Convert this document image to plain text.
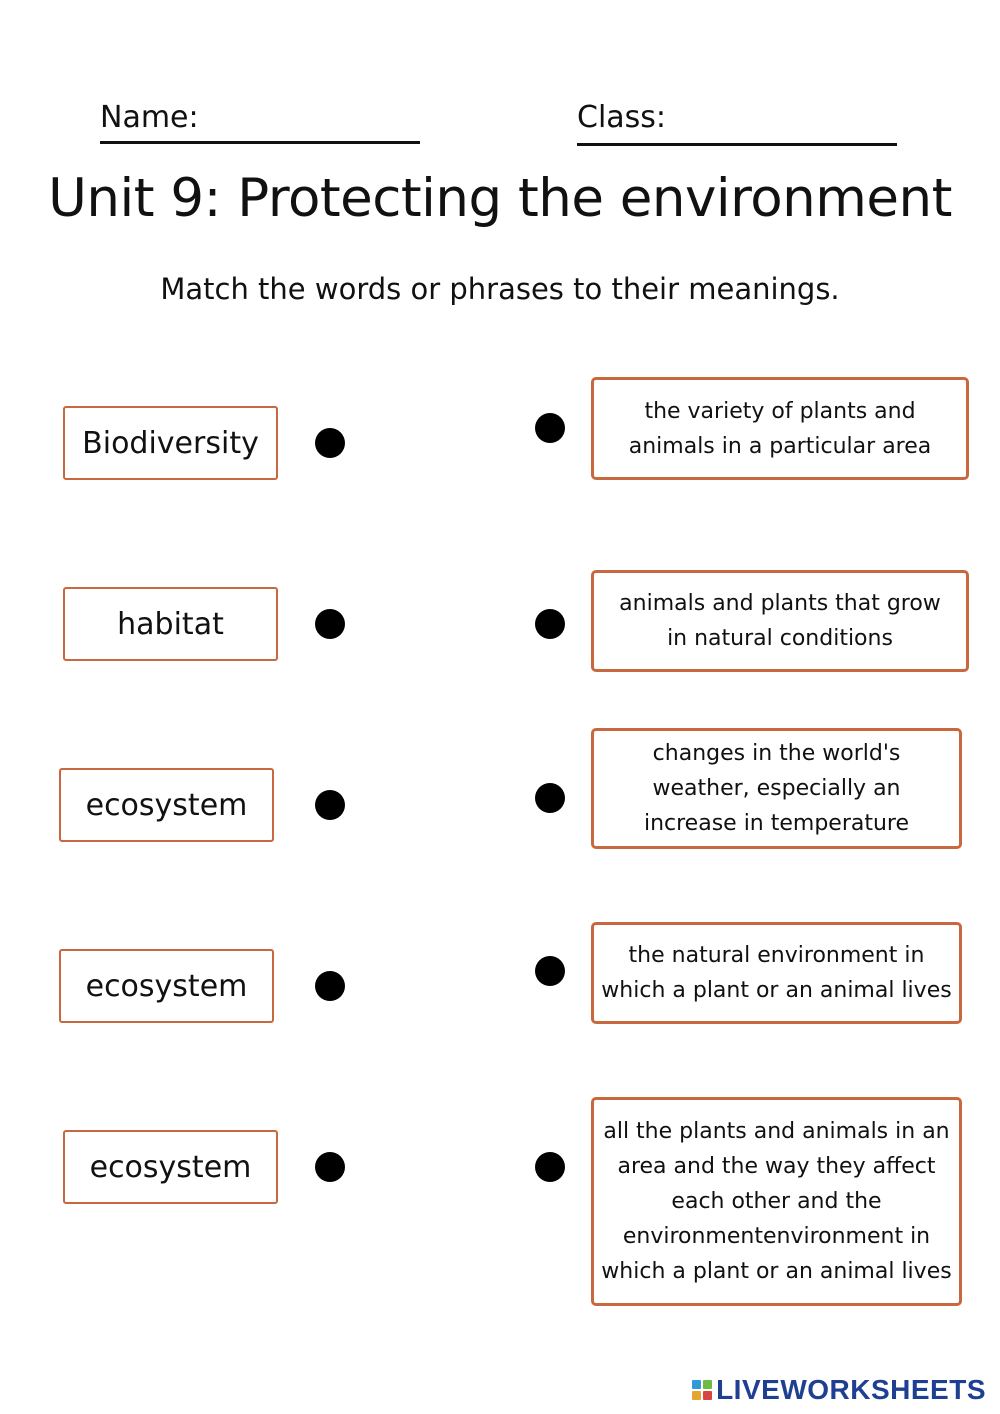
Name:	Class:
Unit 9: Protecting the environment
Match the words or phrases to their meanings.
Biodiversity
the variety of plants and animals in a particular area
habitat
animals and plants that grow in natural conditions
ecosystem
changes in the world's weather, especially an increase in temperature
ecosystem
the natural environment in which a plant or an animal lives
ecosystem
all the plants and animals in an area and the way they affect each other and the environmentenvironment in which a plant or an animal lives
LIVEWORKSHEETS
